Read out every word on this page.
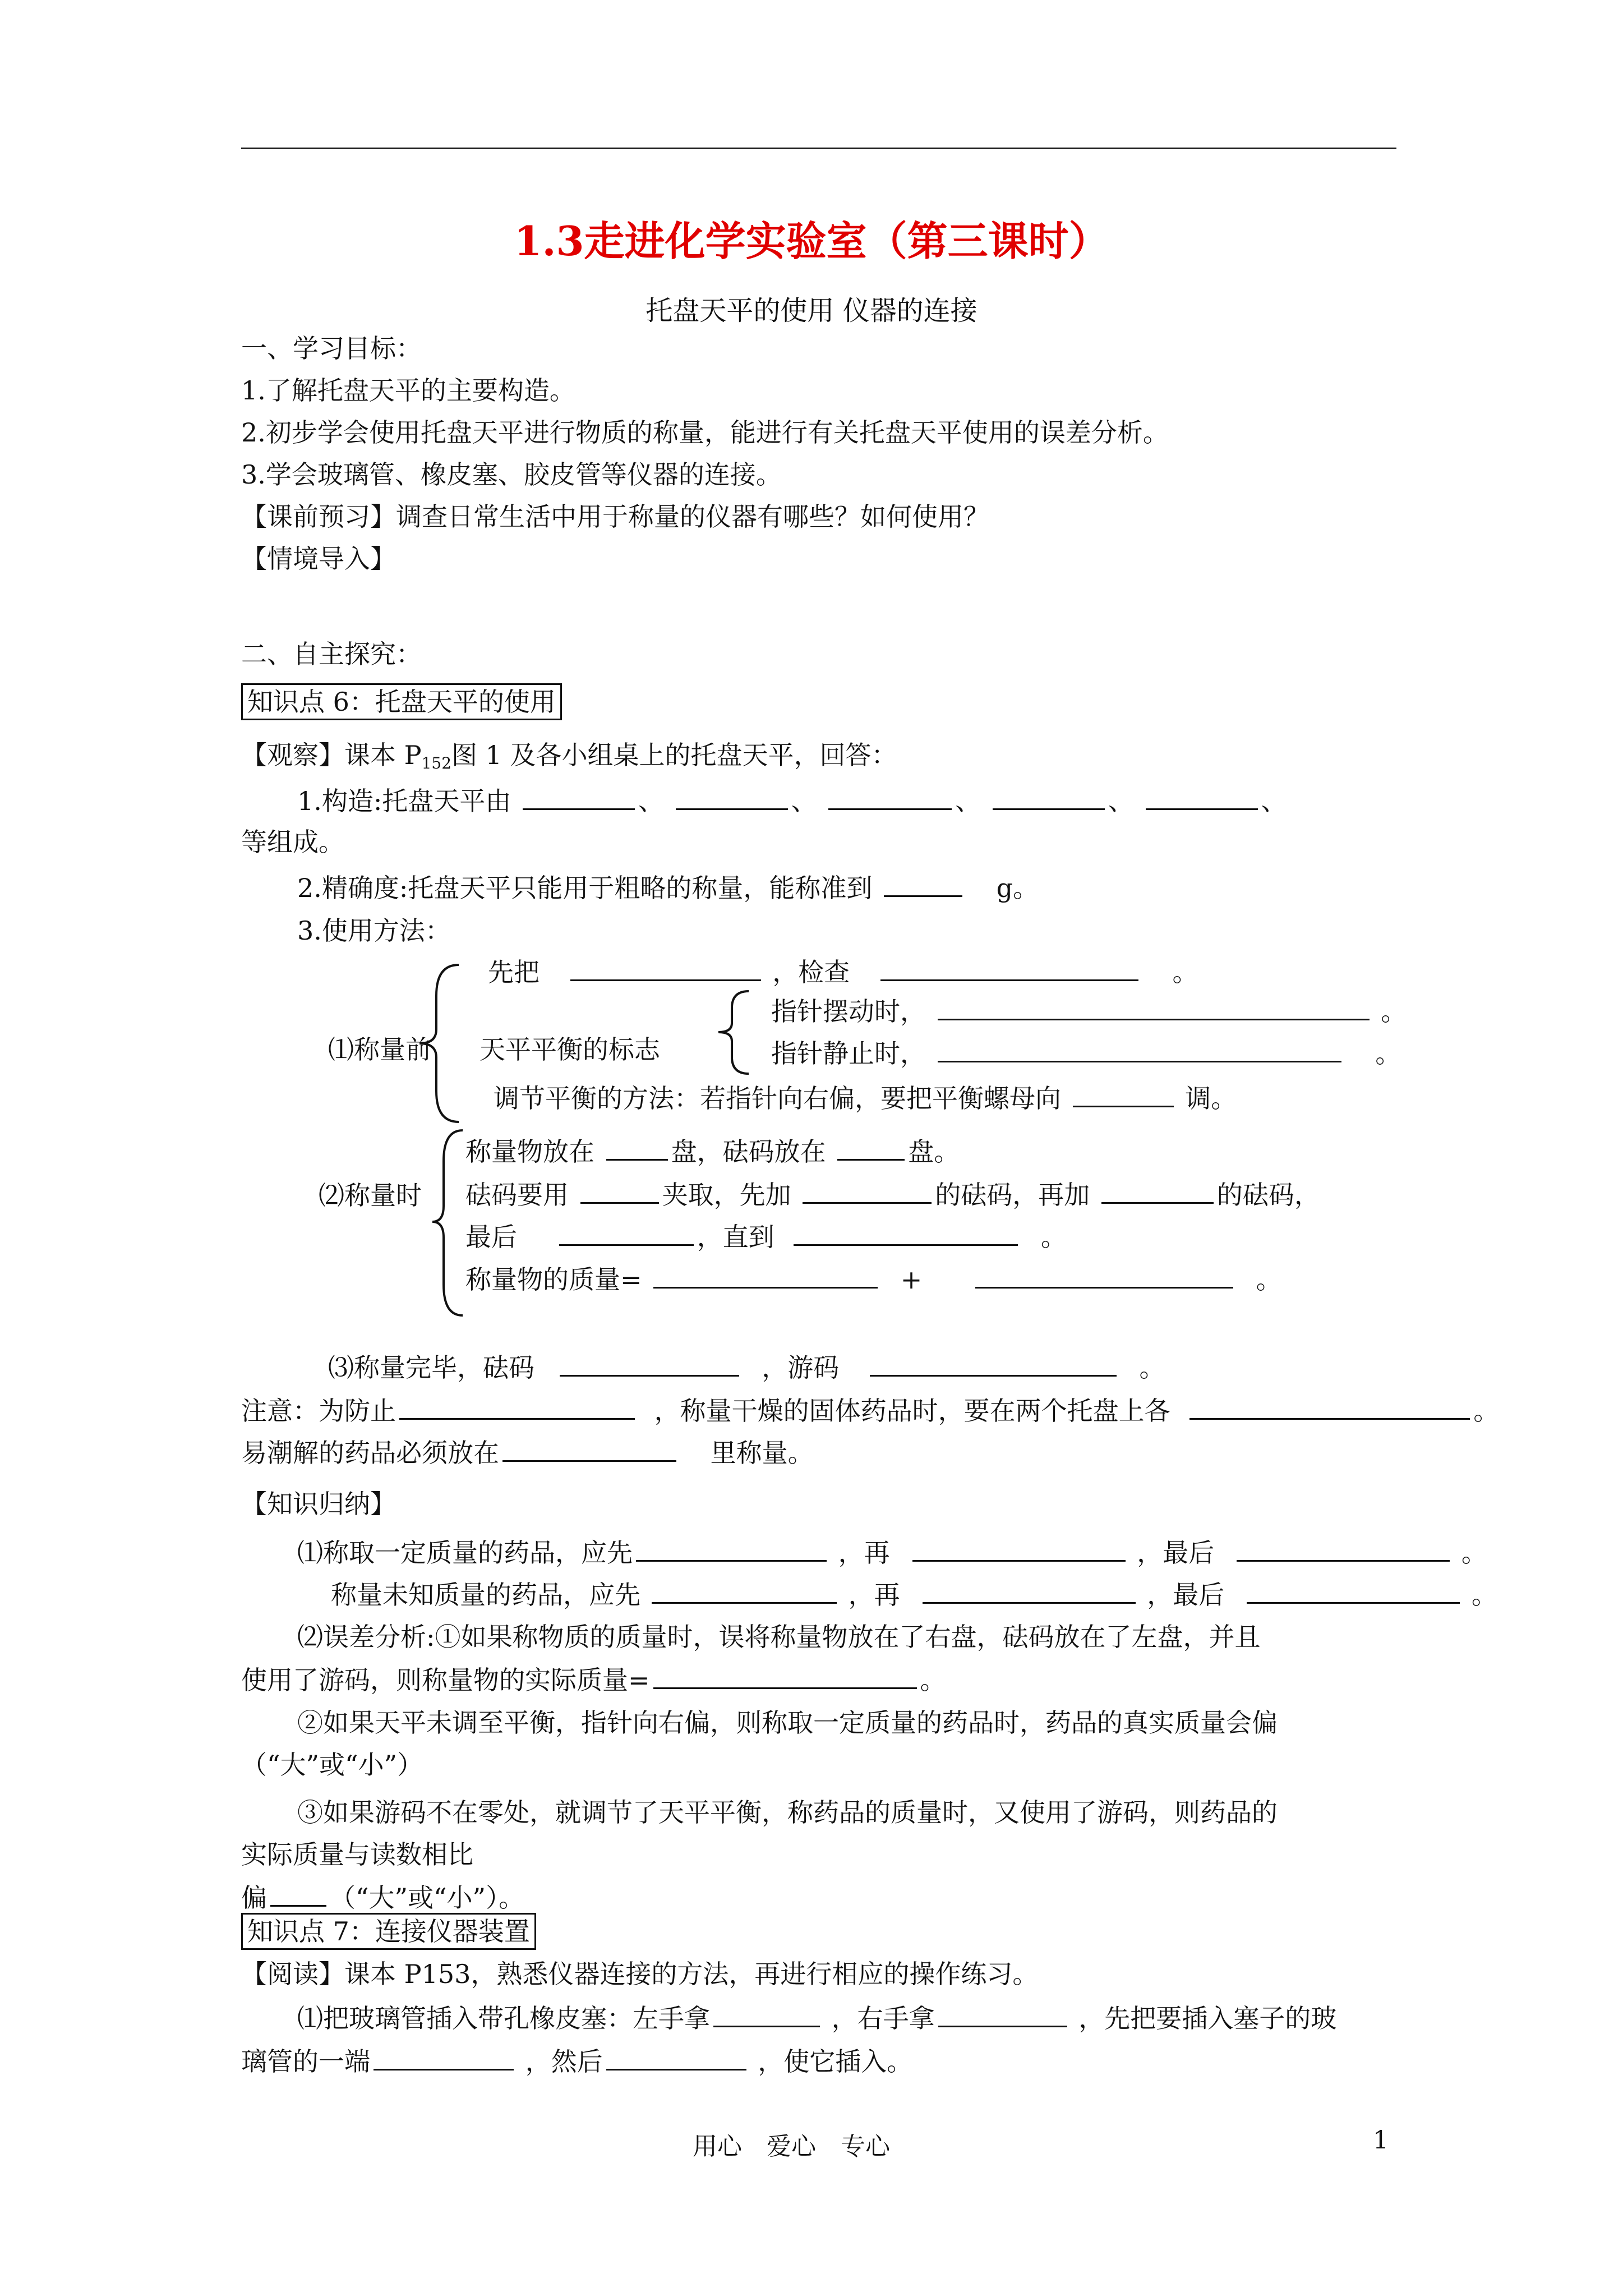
1.3走进化学实验室（第三课时）
托盘天平的使用 仪器的连接
一、学习目标：
1.了解托盘天平的主要构造。
2.初步学会使用托盘天平进行物质的称量，能进行有关托盘天平使用的误差分析。
3.学会玻璃管、橡皮塞、胶皮管等仪器的连接。
【课前预习】调查日常生活中用于称量的仪器有哪些？如何使用？
【情境导入】
二、自主探究：
知识点 6：托盘天平的使用
【观察】课本 $P_{152}$图 1 及各小组桌上的托盘天平，回答：
1.构造:托盘天平由	、	、	、	、	、
等组成。
2.精确度:托盘天平只能用于粗略的称量，能称准到	g。
3.使用方法：
⑴称量前
先把	，检查	。
天平平衡的标志
指针摆动时，	。
指针静止时，	。
调节平衡的方法：若指针向右偏，要把平衡螺母向	调。
⑵称量时
称量物放在	盘，砝码放在	盘。
砝码要用	夹取，先加	的砝码，再加	的砝码，
最后	，直到	。
称量物的质量=	+	。
⑶称量完毕，砝码	，游码	。
注意：为防止	，称量干燥的固体药品时，要在两个托盘上各	。
易潮解的药品必须放在	里称量。
【知识归纳】
⑴称取一定质量的药品，应先	，再	，最后	。
称量未知质量的药品，应先	，再	，最后	。
⑵误差分析:①如果称物质的质量时，误将称量物放在了右盘，砝码放在了左盘，并且
使用了游码，则称量物的实际质量=	。
②如果天平未调至平衡，指针向右偏，则称取一定质量的药品时，药品的真实质量会偏
（“大”或“小”）
③如果游码不在零处，就调节了天平平衡，称药品的质量时，又使用了游码，则药品的
实际质量与读数相比
偏 （“大”或“小”）。
知识点 7：连接仪器装置
【阅读】课本 P153，熟悉仪器连接的方法，再进行相应的操作练习。
⑴把玻璃管插入带孔橡皮塞：左手拿	，右手拿	，先把要插入塞子的玻
璃管的一端	，然后	，使它插入。
用心　爱心　专心	1
